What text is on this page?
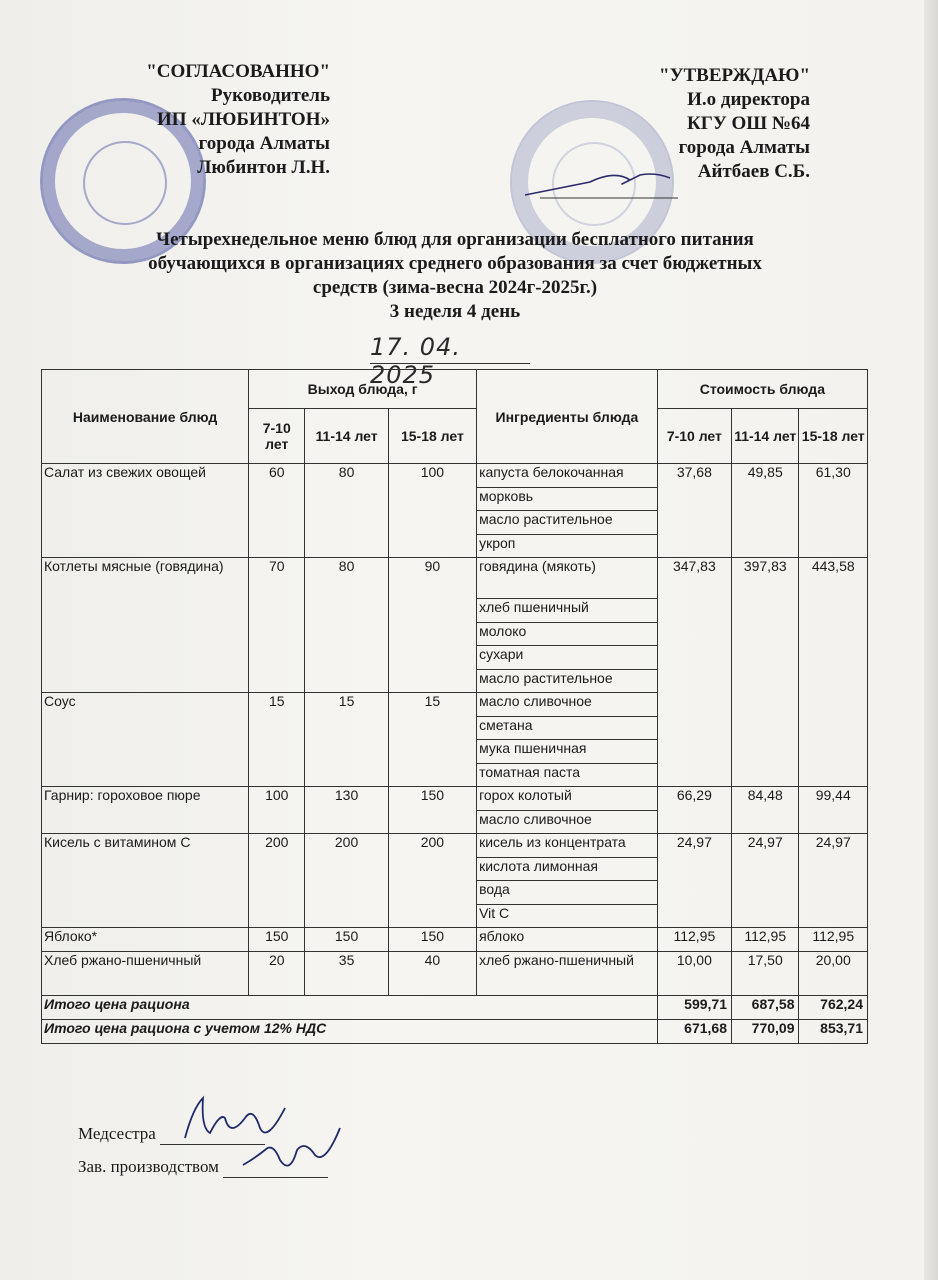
"СОГЛАСОВАННО"
Руководитель
ИП «ЛЮБИНТОН»
города Алматы
Любинтон Л.Н.
"УТВЕРЖДАЮ"
И.о директора
КГУ ОШ №64
города Алматы
Айтбаев С.Б.
Четырехнедельное меню блюд для организации бесплатного питания
обучающихся в организациях среднего образования за счет бюджетных
средств (зима-весна 2024г-2025г.)
3 неделя 4 день
17. 04. 2025
Наименование блюд	Выход блюда, г			Ингредиенты блюда	Стоимость блюда		
	7-10 лет	11-14 лет	15-18 лет		7-10 лет	11-14 лет	15-18 лет
Салат из свежих овощей	60	80	100	капуста белокочанная	37,68	49,85	61,30
				морковь			
				масло растительное			
				укроп			
Котлеты мясные (говядина)	70	80	90	говядина (мякоть)	347,83	397,83	443,58
				хлеб пшеничный			
				молоко			
				сухари			
				масло растительное			
Соус	15	15	15	масло сливочное			
				сметана			
				мука пшеничная			
				томатная паста			
Гарнир: гороховое пюре	100	130	150	горох колотый	66,29	84,48	99,44
				масло сливочное			
Кисель с витамином С	200	200	200	кисель из концентрата	24,97	24,97	24,97
				кислота лимонная			
				вода			
				Vit C			
Яблоко*	150	150	150	яблоко	112,95	112,95	112,95
Хлеб ржано-пшеничный	20	35	40	хлеб ржано-пшеничный	10,00	17,50	20,00
Итого цена рациона					599,71	687,58	762,24
Итого цена рациона с учетом 12% НДС					671,68	770,09	853,71
Медсестра
Зав. производством
